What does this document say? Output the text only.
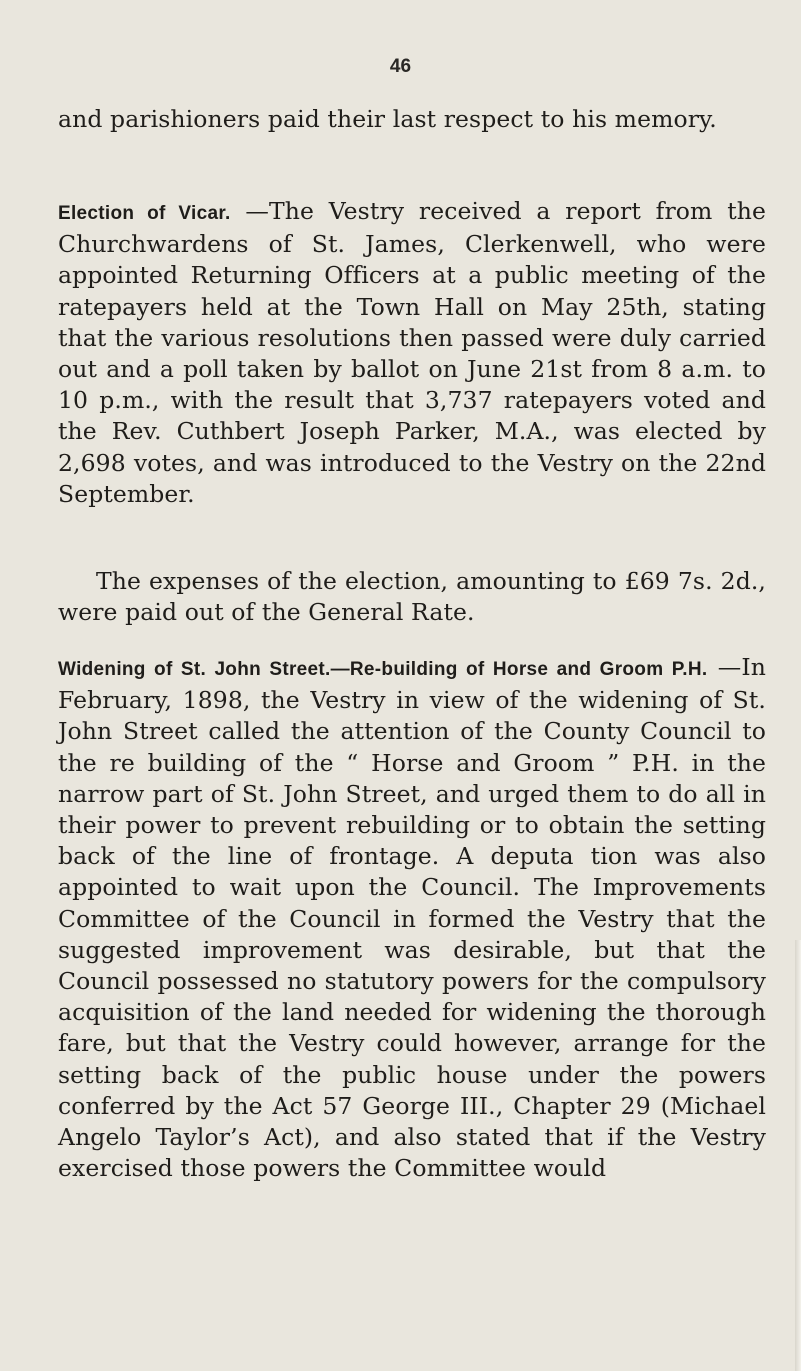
46

and parishioners paid their last respect to his memory.

Election of Vicar. —The Vestry received a report from the Churchwardens of St. James, Clerkenwell, who were appointed Returning Officers at a public meeting of the ratepayers held at the Town Hall on May 25th, stating that the various resolutions then passed were duly carried out and a poll taken by ballot on June 21st from 8 a.m. to 10 p.m., with the result that 3,737 ratepayers voted and the Rev. Cuthbert Joseph Parker, M.A., was elected by 2,698 votes, and was introduced to the Vestry on the 22nd September.

The expenses of the election, amounting to £69 7s. 2d., were paid out of the General Rate.

Widening of St. John Street.—Re-building of Horse and Groom P.H. —In February, 1898, the Vestry in view of the widening of St. John Street called the attention of the County Council to the re building of the “ Horse and Groom ” P.H. in the narrow part of St. John Street, and urged them to do all in their power to prevent rebuilding or to obtain the setting back of the line of frontage. A deputa tion was also appointed to wait upon the Council. The Improvements Committee of the Council in formed the Vestry that the suggested improvement was desirable, but that the Council possessed no statutory powers for the compulsory acquisition of the land needed for widening the thorough fare, but that the Vestry could however, arrange for the setting back of the public house under the powers conferred by the Act 57 George III., Chapter 29 (Michael Angelo Taylor’s Act), and also stated that if the Vestry exercised those powers the Committee would
